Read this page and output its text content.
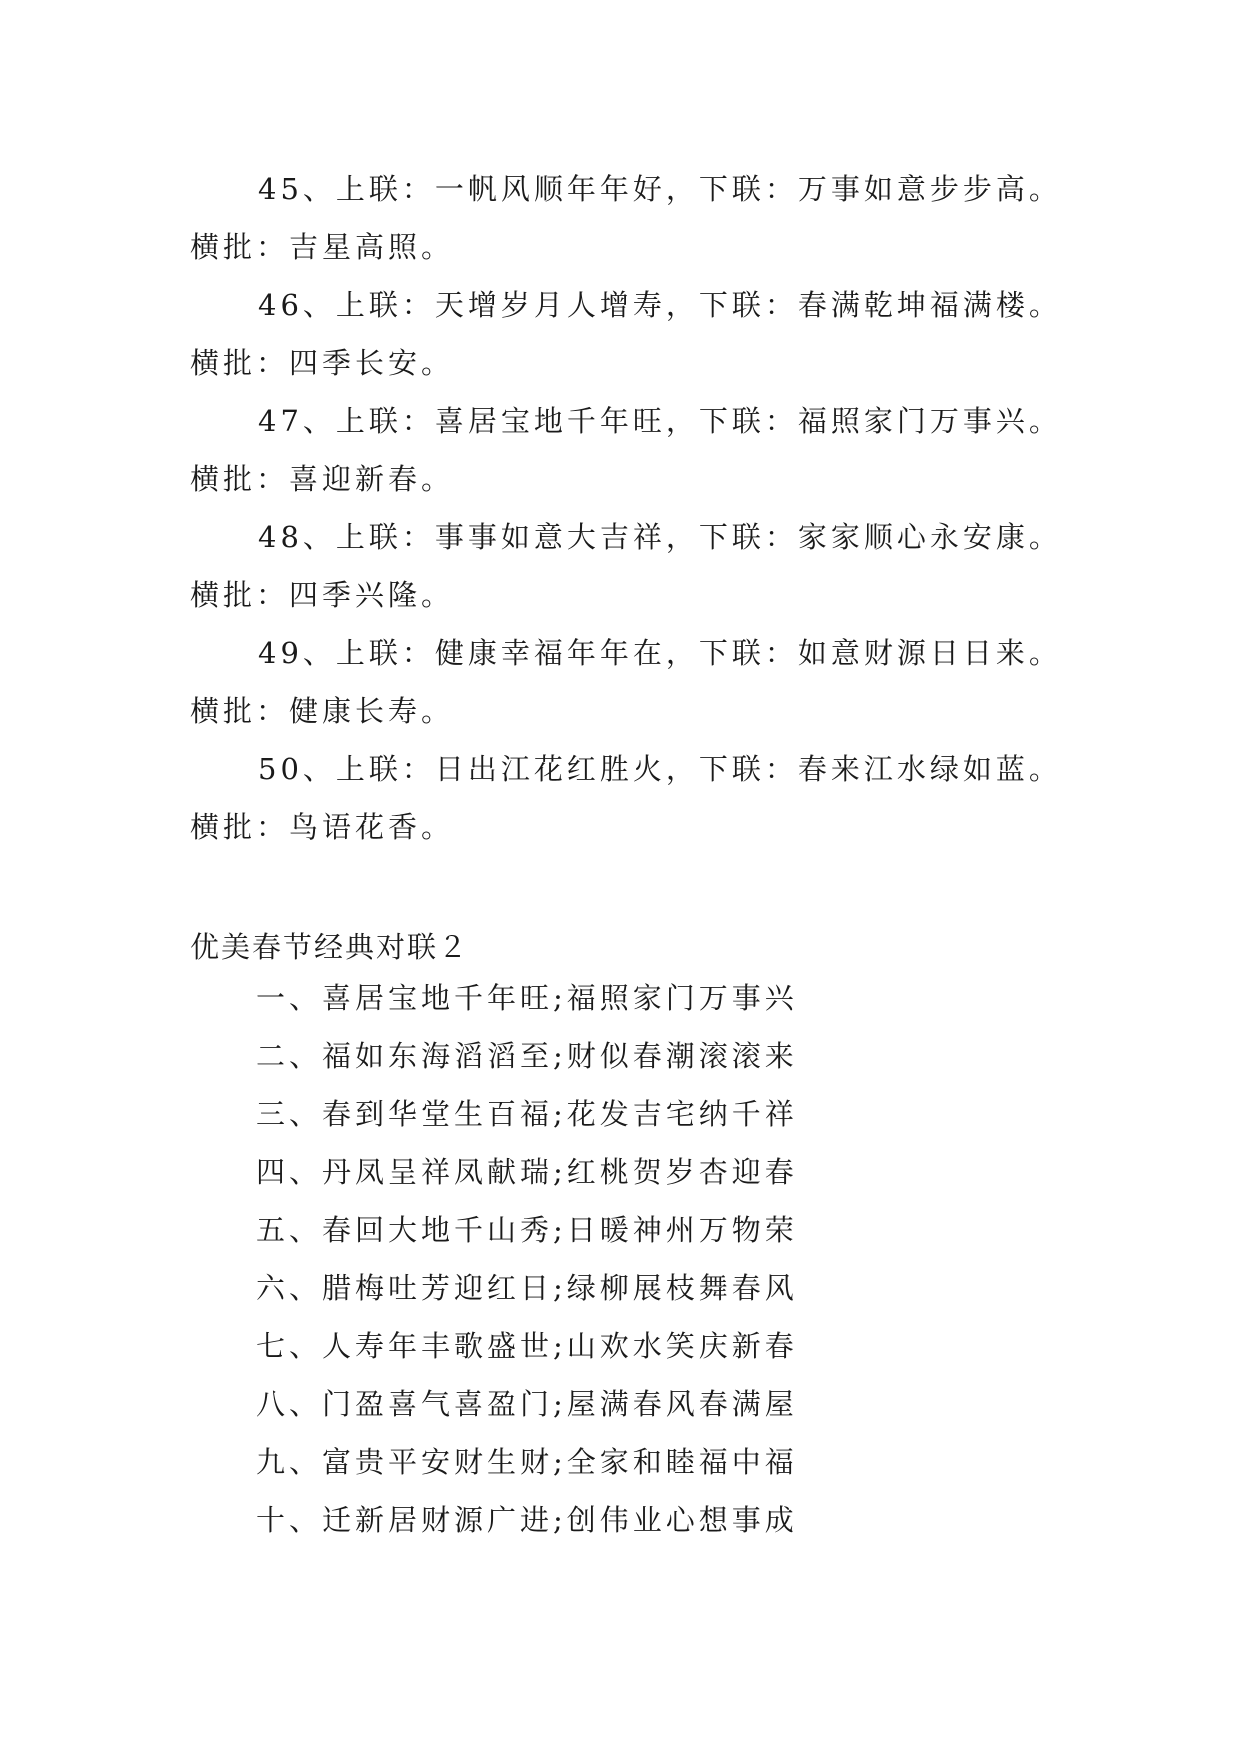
45、上联：一帆风顺年年好，下联：万事如意步步高。横批：吉星高照。

46、上联：天增岁月人增寿，下联：春满乾坤福满楼。横批：四季长安。

47、上联：喜居宝地千年旺，下联：福照家门万事兴。横批：喜迎新春。

48、上联：事事如意大吉祥，下联：家家顺心永安康。横批：四季兴隆。

49、上联：健康幸福年年在，下联：如意财源日日来。横批：健康长寿。

50、上联：日出江花红胜火，下联：春来江水绿如蓝。横批：鸟语花香。

优美春节经典对联２
一、喜居宝地千年旺;福照家门万事兴
二、福如东海滔滔至;财似春潮滚滚来
三、春到华堂生百福;花发吉宅纳千祥
四、丹凤呈祥凤献瑞;红桃贺岁杏迎春
五、春回大地千山秀;日暖神州万物荣
六、腊梅吐芳迎红日;绿柳展枝舞春风
七、人寿年丰歌盛世;山欢水笑庆新春
八、门盈喜气喜盈门;屋满春风春满屋
九、富贵平安财生财;全家和睦福中福
十、迁新居财源广进;创伟业心想事成
